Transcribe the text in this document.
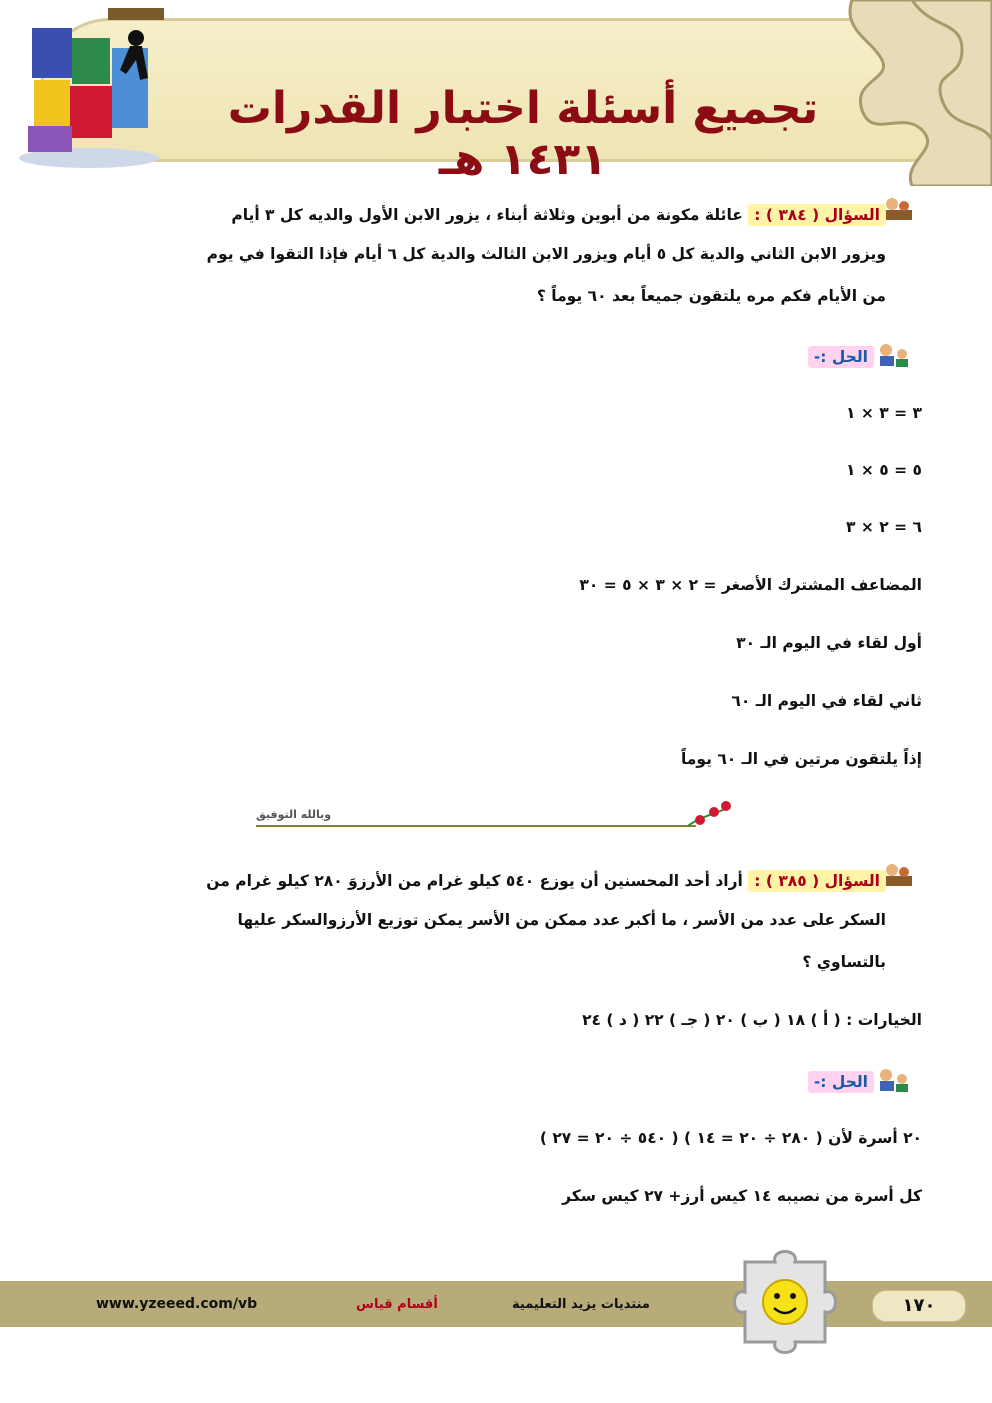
تجميع أسئلة اختبار القدرات ١٤٣١ هـ
السؤال ( ٣٨٤ ) : عائلة مكونة من أبوين وثلاثة أبناء ، يزور الابن الأول والديه كل ٣ أيام
ويزور الابن الثاني والدية كل ٥ أيام ويزور الابن الثالث والدية كل ٦ أيام فإذا التقوا في يوم
من الأيام فكم مره يلتقون جميعاً بعد ٦٠ يوماً ؟
الحل :-
٣ = ٣ × ١
٥ = ٥ × ١
٦ = ٢ × ٣
المضاعف المشترك الأصغر = ٢ × ٣ × ٥ = ٣٠
أول لقاء في اليوم الـ ٣٠
ثاني لقاء في اليوم الـ ٦٠
إذاً يلتقون مرتين في الـ ٦٠ يوماً
وبالله التوفيق
السؤال ( ٣٨٥ ) : أراد أحد المحسنين أن يوزع ٥٤٠ كيلو غرام من الأرزوَ ٢٨٠ كيلو غرام من
السكر على عدد من الأسر ، ما أكبر عدد ممكن من الأسر يمكن توزيع الأرزوالسكر عليها
بالتساوي ؟
الخيارات : ( أ ) ١٨ ( ب ) ٢٠ ( جـ ) ٢٢ ( د ) ٢٤
الحل :-
٢٠ أسرة لأن ( ٢٨٠ ÷ ٢٠ = ١٤ ) ( ٥٤٠ ÷ ٢٠ = ٢٧ )
كل أسرة من نصيبه ١٤ كيس أرز+ ٢٧ كيس سكر
www.yzeeed.com/vb	أقسام قياس	منتديات يزيد التعليمية	١٧٠
